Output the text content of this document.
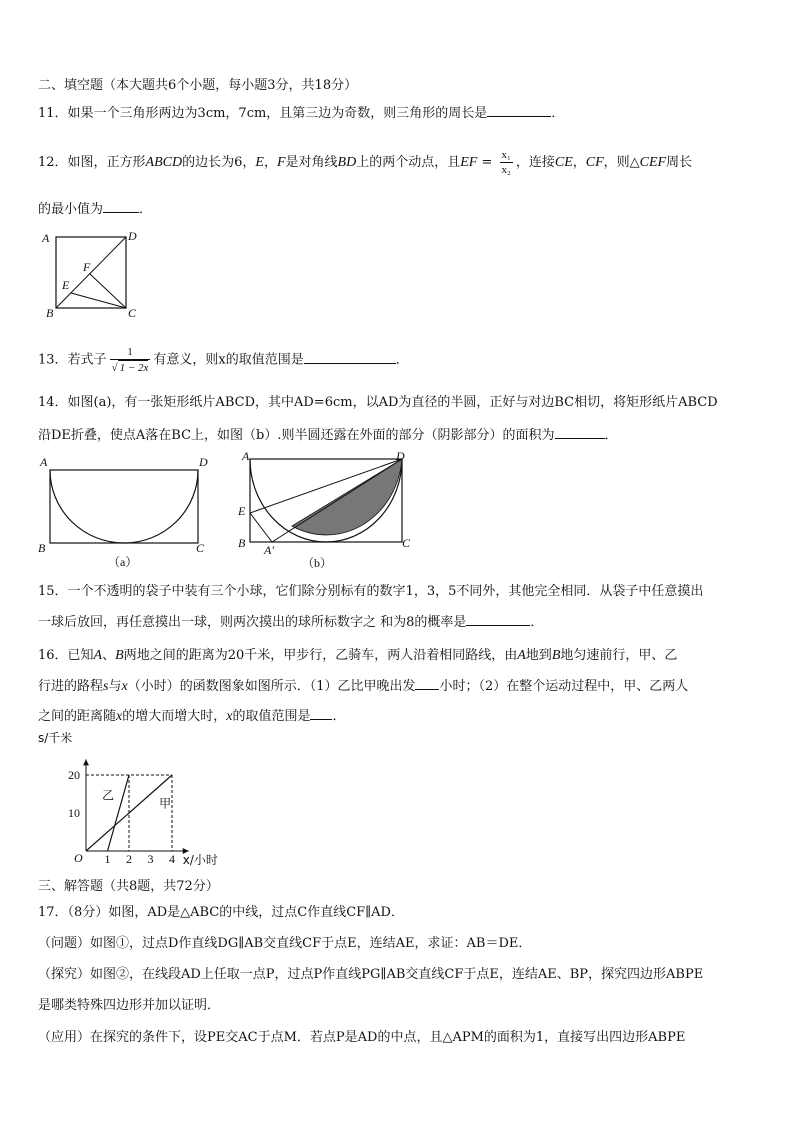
二、填空题（本大题共6个小题，每小题3分，共18分）
11．如果一个三角形两边为3cm，7cm，且第三边为奇数，则三角形的周长是	．
12．如图，正方形ABCD的边长为6，E，F是对角线BD上的两个动点，且EF = $\frac{\text{x₁}}{\text{x₂}}$ ，连接CE，CF，则△CEF周长
的最小值为	．
A	D
B	C
E
F
13．若式子 $\frac{1}{√ 1 - 2x}$ 有意义，则x的取值范围是	．
14．如图(a)，有一张矩形纸片ABCD，其中AD=6cm，以AD为直径的半圆，正好与对边BC相切，将矩形纸片ABCD
沿DE折叠，使点A落在BC上，如图（b）.则半圆还露在外面的部分（阴影部分）的面积为	．
A	D
B	C
（a）
A	D
E
B A′	C
（b）
15．一个不透明的袋子中装有三个小球，它们除分别标有的数字1，3，5不同外，其他完全相同．从袋子中任意摸出
一球后放回，再任意摸出一球，则两次摸出的球所标数字之 和为8的概率是	．
16．已知A、B两地之间的距离为20千米，甲步行，乙骑车，两人沿着相同路线，由A地到B地匀速前行，甲、乙
行进的路程s与x（小时）的函数图象如图所示．（1）乙比甲晚出发 小时；（2）在整个运动过程中，甲、乙两人
之间的距离随x的增大而增大时，x的取值范围是 ．
甲
乙
1 2 3 4
10
20
s/千米
x/小时
O
三、解答题（共8题，共72分）
17．（8分）如图，AD是△ABC的中线，过点C作直线CF∥AD．
（问题）如图①，过点D作直线DG∥AB交直线CF于点E，连结AE，求证：AB＝DE．
（探究）如图②，在线段AD上任取一点P，过点P作直线PG∥AB交直线CF于点E，连结AE、BP，探究四边形ABPE
是哪类特殊四边形并加以证明．
（应用）在探究的条件下，设PE交AC于点M．若点P是AD的中点，且△APM的面积为1，直接写出四边形ABPE
